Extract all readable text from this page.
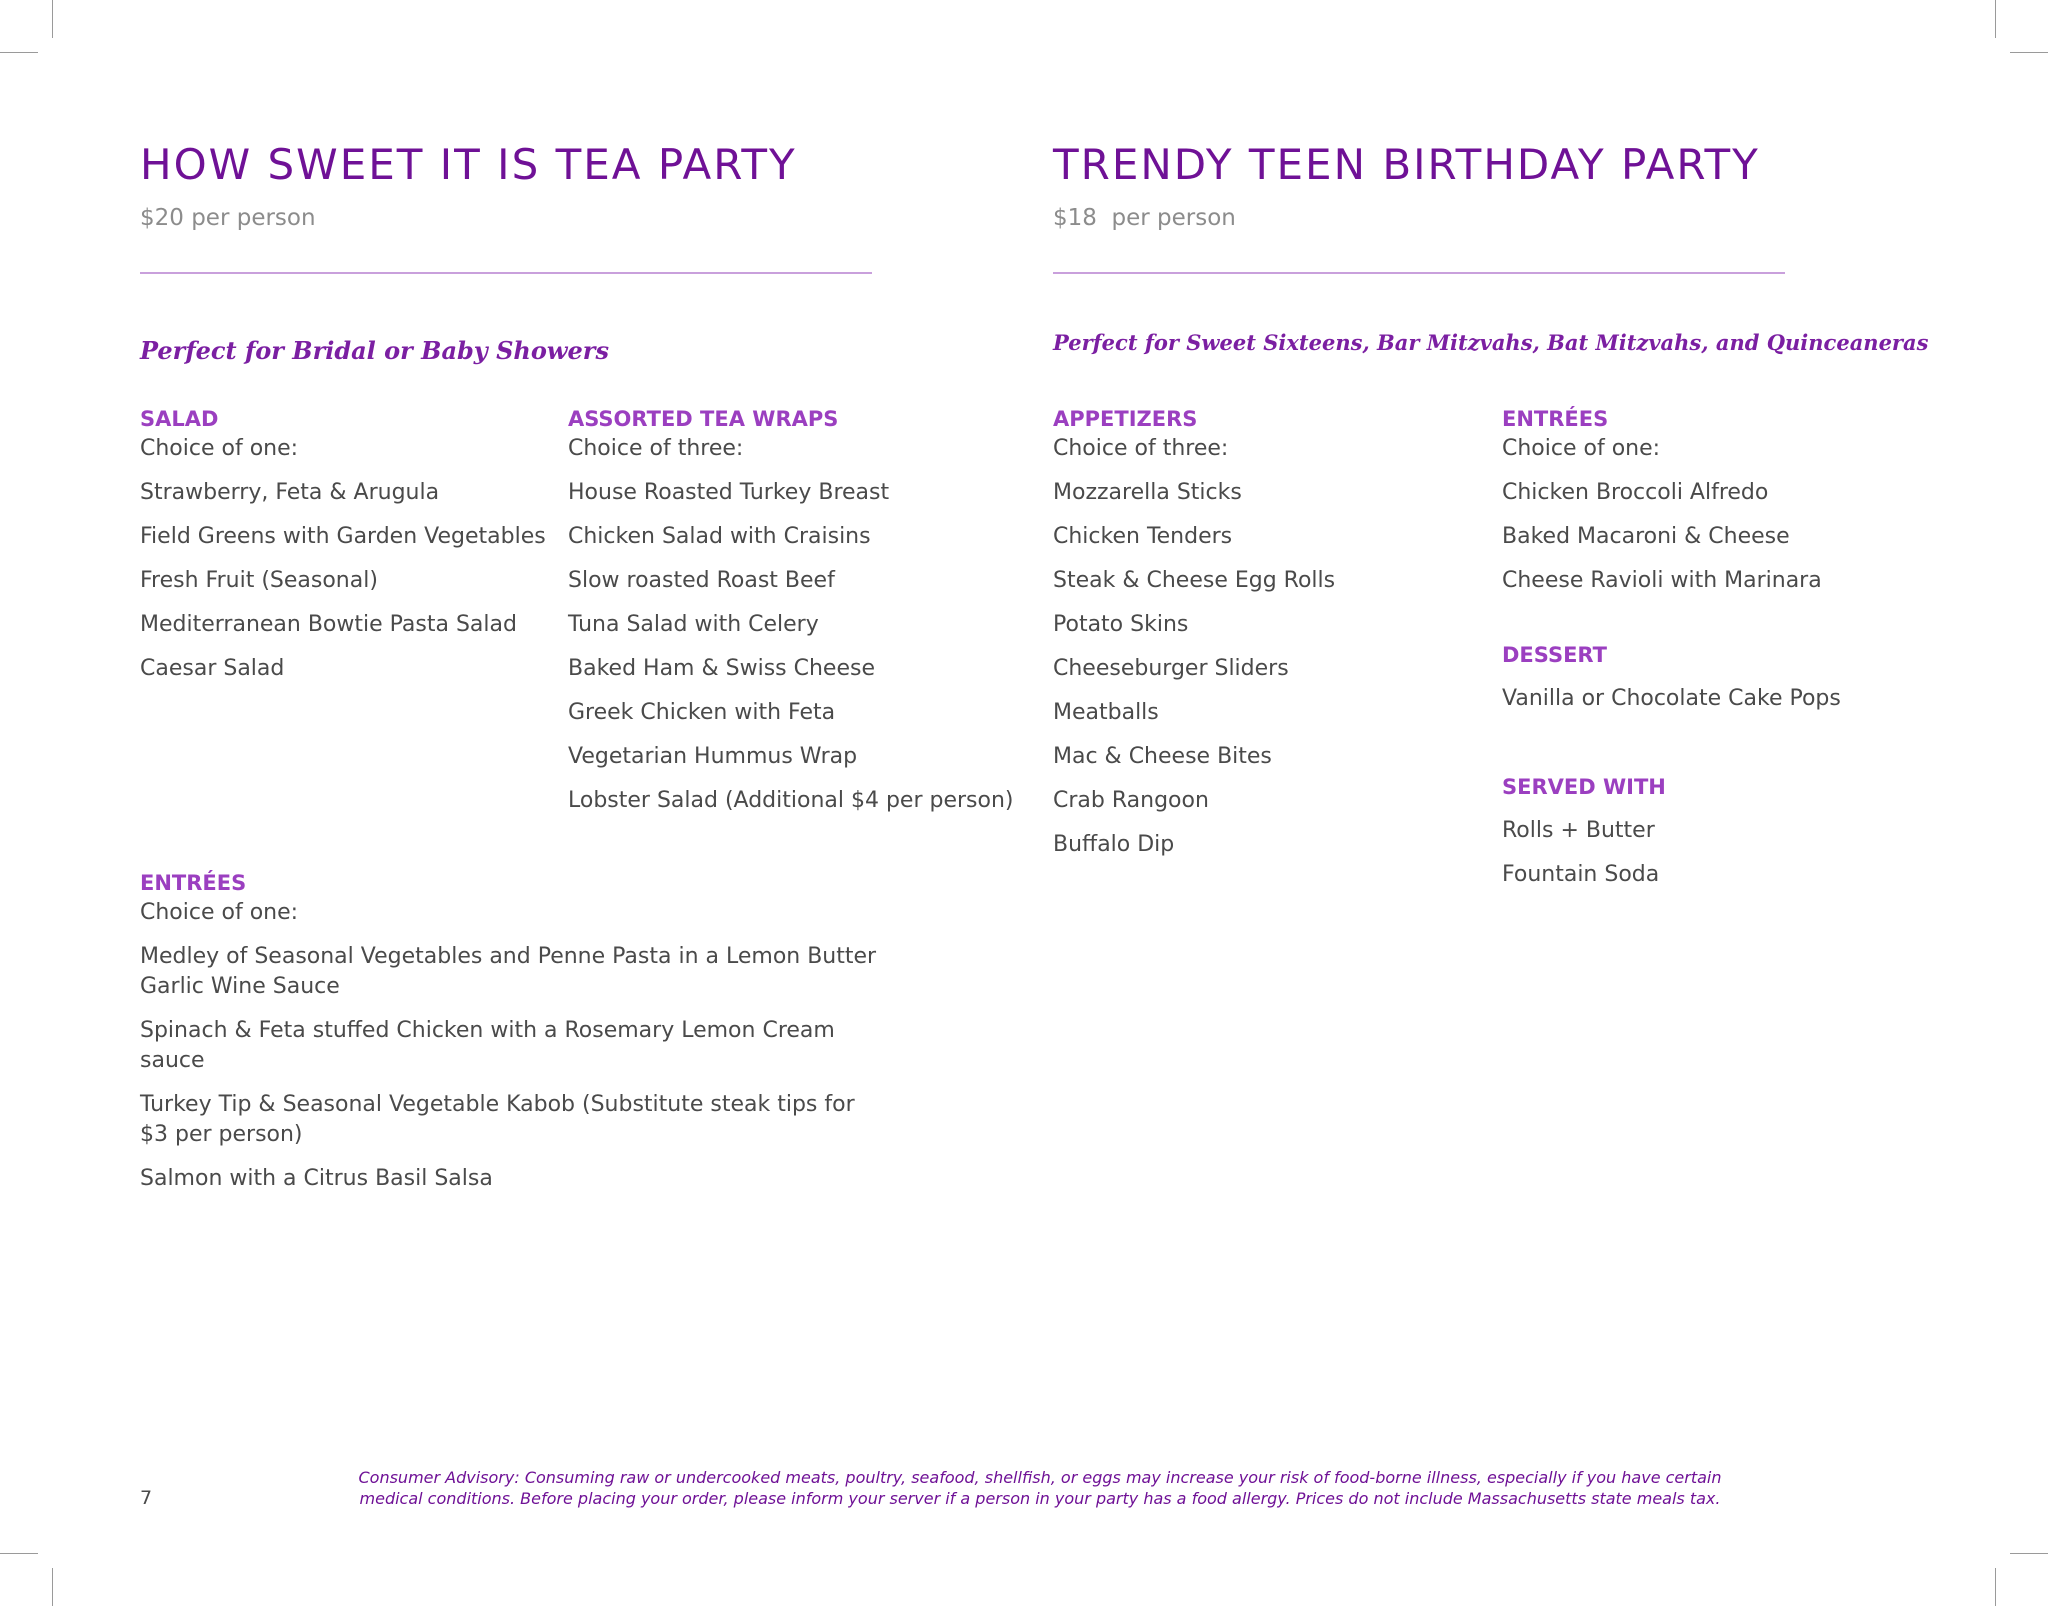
HOW SWEET IT IS TEA PARTY
$20 per person
Perfect for Bridal or Baby Showers
SALAD
Choice of one:
Strawberry, Feta & Arugula
Field Greens with Garden Vegetables
Fresh Fruit (Seasonal)
Mediterranean Bowtie Pasta Salad
Caesar Salad
ASSORTED TEA WRAPS
Choice of three:
House Roasted Turkey Breast
Chicken Salad with Craisins
Slow roasted Roast Beef
Tuna Salad with Celery
Baked Ham & Swiss Cheese
Greek Chicken with Feta
Vegetarian Hummus Wrap
Lobster Salad (Additional $4 per person)
ENTRÉES
Choice of one:
Medley of Seasonal Vegetables and Penne Pasta in a Lemon Butter Garlic Wine Sauce
Spinach & Feta stuffed Chicken with a Rosemary Lemon Cream sauce
Turkey Tip & Seasonal Vegetable Kabob (Substitute steak tips for $3 per person)
Salmon with a Citrus Basil Salsa
TRENDY TEEN BIRTHDAY PARTY
$18  per person
Perfect for Sweet Sixteens, Bar Mitzvahs, Bat Mitzvahs, and Quinceaneras
APPETIZERS
Choice of three:
Mozzarella Sticks
Chicken Tenders
Steak & Cheese Egg Rolls
Potato Skins
Cheeseburger Sliders
Meatballs
Mac & Cheese Bites
Crab Rangoon
Buffalo Dip
ENTRÉES
Choice of one:
Chicken Broccoli Alfredo
Baked Macaroni & Cheese
Cheese Ravioli with Marinara
DESSERT
Vanilla or Chocolate Cake Pops
SERVED WITH
Rolls + Butter
Fountain Soda
7
Consumer Advisory: Consuming raw or undercooked meats, poultry, seafood, shellfish, or eggs may increase your risk of food-borne illness, especially if you have certain
medical conditions. Before placing your order, please inform your server if a person in your party has a food allergy. Prices do not include Massachusetts state meals tax.
